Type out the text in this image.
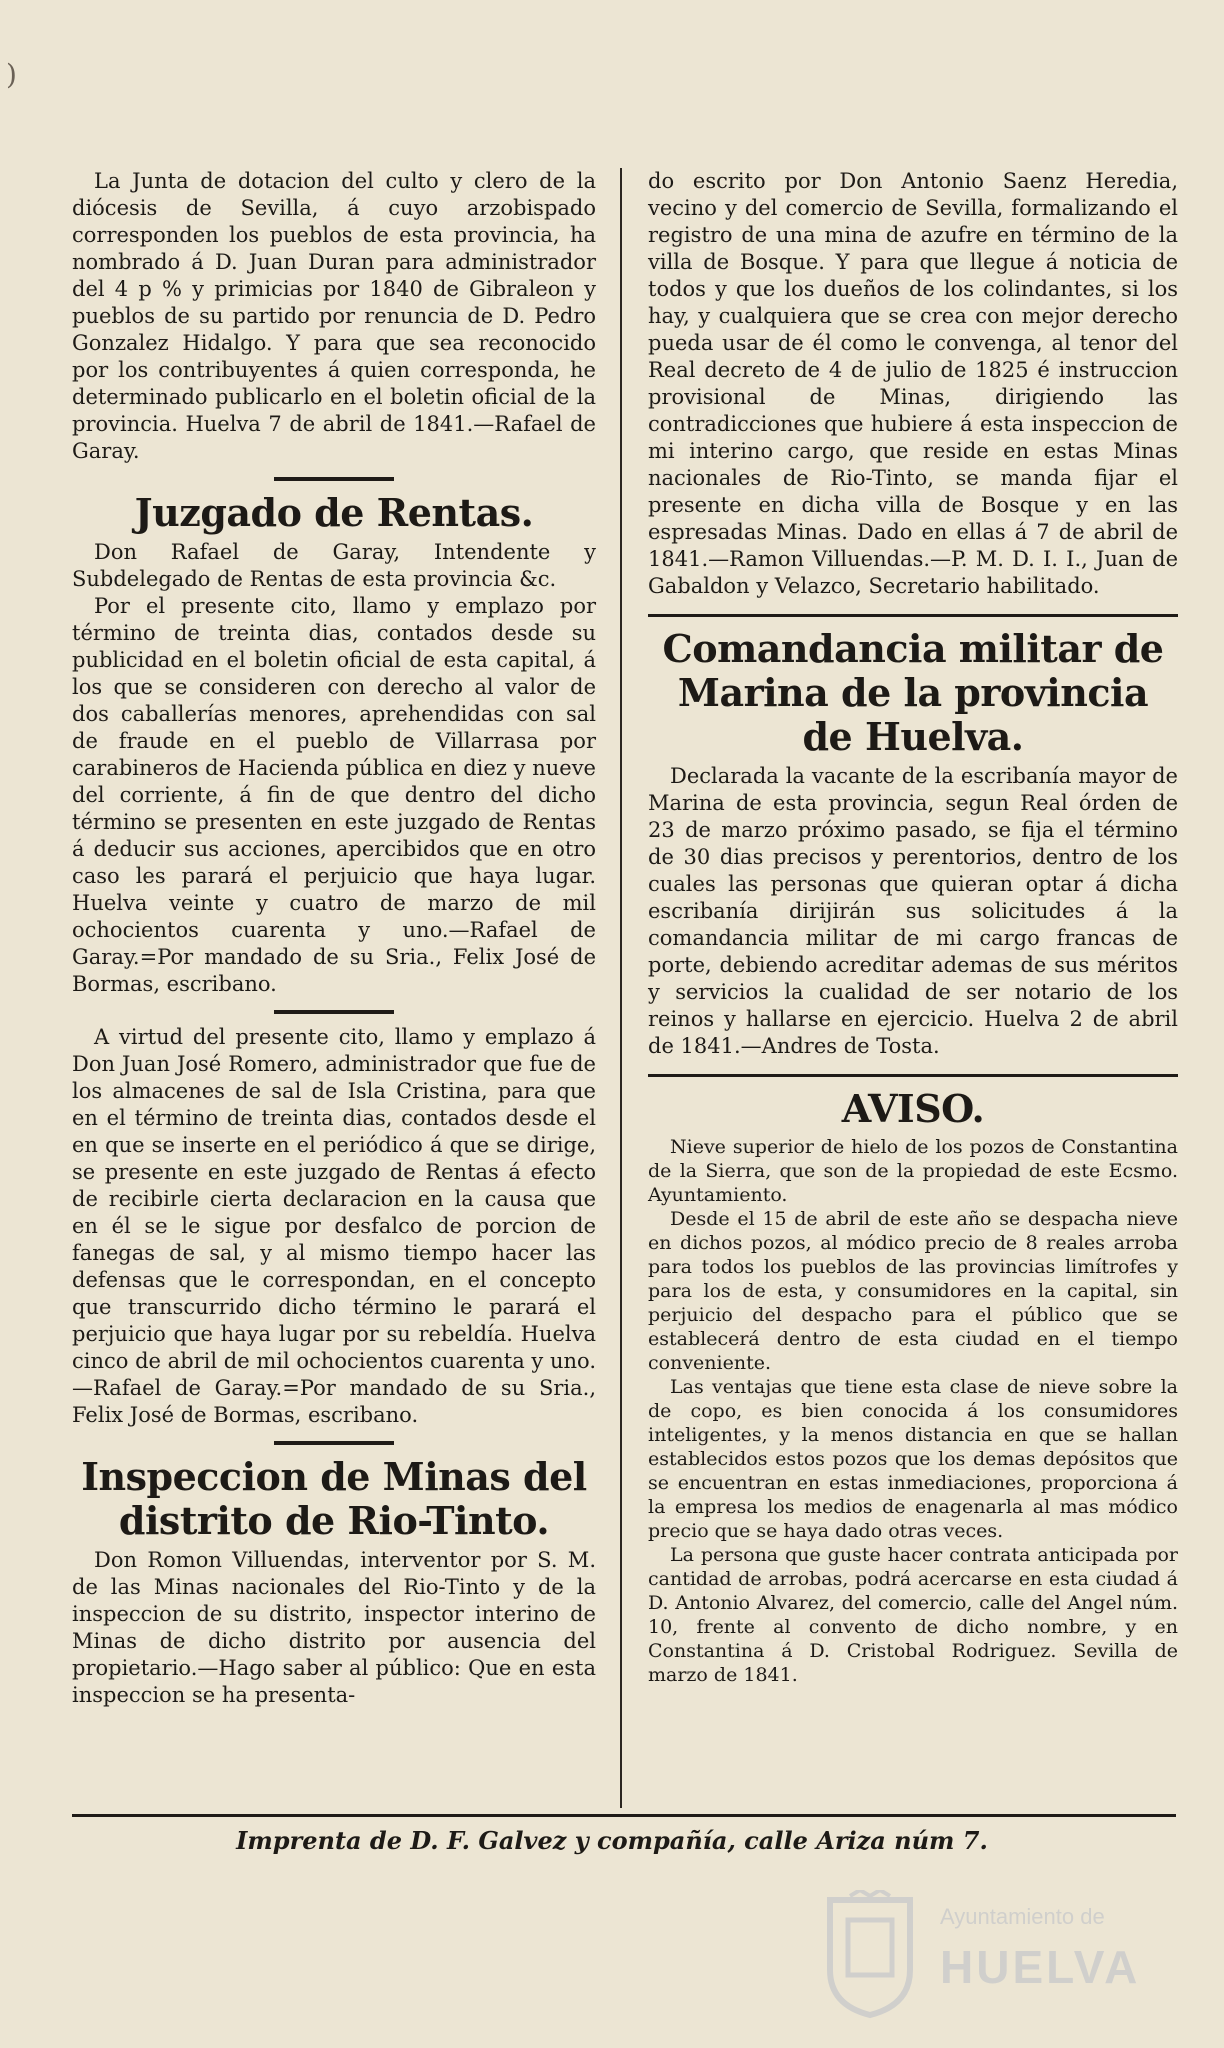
)

La Junta de dotacion del culto y clero de la diócesis de Sevilla, á cuyo arzobispado corresponden los pueblos de esta provincia, ha nombrado á D. Juan Duran para administrador del 4 p % y primicias por 1840 de Gibraleon y pueblos de su partido por renuncia de D. Pedro Gonzalez Hidalgo. Y para que sea reconocido por los contribuyentes á quien corresponda, he determinado publicarlo en el boletin oficial de la provincia. Huelva 7 de abril de 1841.—Rafael de Garay.

Juzgado de Rentas.

Don Rafael de Garay, Intendente y Subdelegado de Rentas de esta provincia &c.

Por el presente cito, llamo y emplazo por término de treinta dias, contados desde su publicidad en el boletin oficial de esta capital, á los que se consideren con derecho al valor de dos caballerías menores, aprehendidas con sal de fraude en el pueblo de Villarrasa por carabineros de Hacienda pública en diez y nueve del corriente, á fin de que dentro del dicho término se presenten en este juzgado de Rentas á deducir sus acciones, apercibidos que en otro caso les parará el perjuicio que haya lugar. Huelva veinte y cuatro de marzo de mil ochocientos cuarenta y uno.—Rafael de Garay.=Por mandado de su Sria., Felix José de Bormas, escribano.

A virtud del presente cito, llamo y emplazo á Don Juan José Romero, administrador que fue de los almacenes de sal de Isla Cristina, para que en el término de treinta dias, contados desde el en que se inserte en el periódico á que se dirige, se presente en este juzgado de Rentas á efecto de recibirle cierta declaracion en la causa que en él se le sigue por desfalco de porcion de fanegas de sal, y al mismo tiempo hacer las defensas que le correspondan, en el concepto que transcurrido dicho término le parará el perjuicio que haya lugar por su rebeldía. Huelva cinco de abril de mil ochocientos cuarenta y uno.—Rafael de Garay.=Por mandado de su Sria., Felix José de Bormas, escribano.

Inspeccion de Minas del distrito de Rio-Tinto.

Don Romon Villuendas, interventor por S. M. de las Minas nacionales del Rio-Tinto y de la inspeccion de su distrito, inspector interino de Minas de dicho distrito por ausencia del propietario.—Hago saber al público: Que en esta inspeccion se ha presenta-

do escrito por Don Antonio Saenz Heredia, vecino y del comercio de Sevilla, formalizando el registro de una mina de azufre en término de la villa de Bosque. Y para que llegue á noticia de todos y que los dueños de los colindantes, si los hay, y cualquiera que se crea con mejor derecho pueda usar de él como le convenga, al tenor del Real decreto de 4 de julio de 1825 é instruccion provisional de Minas, dirigiendo las contradicciones que hubiere á esta inspeccion de mi interino cargo, que reside en estas Minas nacionales de Rio-Tinto, se manda fijar el presente en dicha villa de Bosque y en las espresadas Minas. Dado en ellas á 7 de abril de 1841.—Ramon Villuendas.—P. M. D. I. I., Juan de Gabaldon y Velazco, Secretario habilitado.

Comandancia militar de Marina de la provincia de Huelva.

Declarada la vacante de la escribanía mayor de Marina de esta provincia, segun Real órden de 23 de marzo próximo pasado, se fija el término de 30 dias precisos y perentorios, dentro de los cuales las personas que quieran optar á dicha escribanía dirijirán sus solicitudes á la comandancia militar de mi cargo francas de porte, debiendo acreditar ademas de sus méritos y servicios la cualidad de ser notario de los reinos y hallarse en ejercicio. Huelva 2 de abril de 1841.—Andres de Tosta.

AVISO.

Nieve superior de hielo de los pozos de Constantina de la Sierra, que son de la propiedad de este Ecsmo. Ayuntamiento.

Desde el 15 de abril de este año se despacha nieve en dichos pozos, al módico precio de 8 reales arroba para todos los pueblos de las provincias limítrofes y para los de esta, y consumidores en la capital, sin perjuicio del despacho para el público que se establecerá dentro de esta ciudad en el tiempo conveniente.

Las ventajas que tiene esta clase de nieve sobre la de copo, es bien conocida á los consumidores inteligentes, y la menos distancia en que se hallan establecidos estos pozos que los demas depósitos que se encuentran en estas inmediaciones, proporciona á la empresa los medios de enagenarla al mas módico precio que se haya dado otras veces.

La persona que guste hacer contrata anticipada por cantidad de arrobas, podrá acercarse en esta ciudad á D. Antonio Alvarez, del comercio, calle del Angel núm. 10, frente al convento de dicho nombre, y en Constantina á D. Cristobal Rodriguez. Sevilla de marzo de 1841.

Imprenta de D. F. Galvez y compañía, calle Ariza núm 7.
Ayuntamiento de
HUELVA
